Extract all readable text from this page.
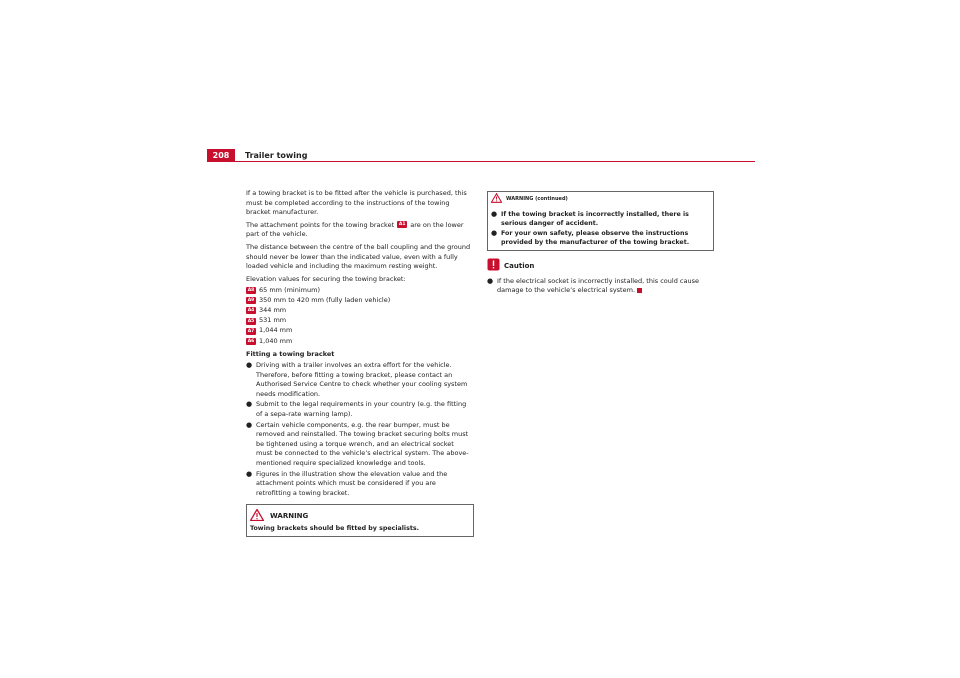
208	Trailer towing

If a towing bracket is to be fitted after the vehicle is purchased, this must be completed according to the instructions of the towing bracket manufacturer.

The attachment points for the towing bracket A1 are on the lower part of the vehicle.

The distance between the centre of the ball coupling and the ground should never be lower than the indicated value, even with a fully loaded vehicle and including the maximum resting weight.

Elevation values for securing the towing bracket:

A8 65 mm (minimum)
A9 350 mm to 420 mm (fully laden vehicle)
A4 344 mm
A5 531 mm
A7 1,044 mm
A6 1,040 mm
Fitting a towing bracket

● Driving with a trailer involves an extra effort for the vehicle. Therefore, before fitting a towing bracket, please contact an Authorised Service Centre to check whether your cooling system needs modification.

● Submit to the legal requirements in your country (e.g. the fitting of a sepa-rate warning lamp).

● Certain vehicle components, e.g. the rear bumper, must be removed and reinstalled. The towing bracket securing bolts must be tightened using a torque wrench, and an electrical socket must be connected to the vehicle’s electrical system. The above-mentioned require specialized knowledge and tools.

● Figures in the illustration show the elevation value and the attachment points which must be considered if you are retrofitting a towing bracket.

WARNING
Towing brackets should be fitted by specialists.
WARNING (continued)

● If the towing bracket is incorrectly installed, there is serious danger of accident.

● For your own safety, please observe the instructions provided by the manufacturer of the towing bracket.

Caution

● If the electrical socket is incorrectly installed, this could cause damage to the vehicle’s electrical system.
